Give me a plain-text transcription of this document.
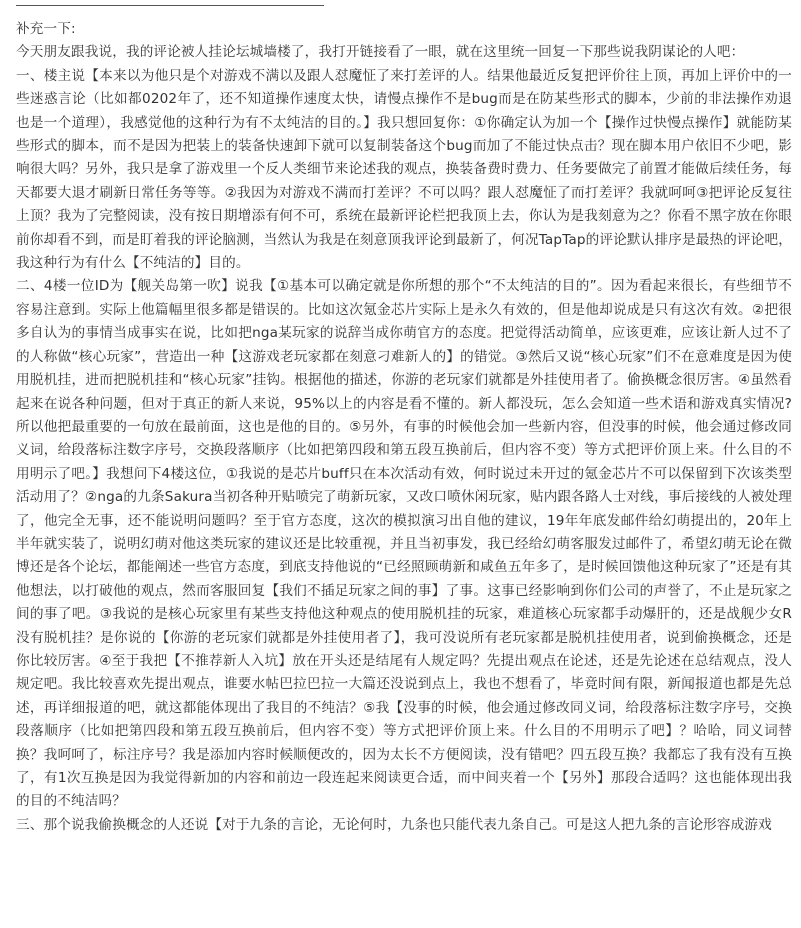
补充一下:

今天朋友跟我说，我的评论被人挂论坛城墙楼了，我打开链接看了一眼，就在这里统一回复一下那些说我阴谋论的人吧：

一、楼主说【本来以为他只是个对游戏不满以及跟人怼魔怔了来打差评的人。结果他最近反复把评价往上顶，再加上评价中的一些迷惑言论（比如都0202年了，还不知道操作速度太快，请慢点操作不是bug而是在防某些形式的脚本，少前的非法操作劝退也是一个道理），我感觉他的这种行为有不太纯洁的目的。】我只想回复你：①你确定认为加一个【操作过快慢点操作】就能防某些形式的脚本，而不是因为把装上的装备快速卸下就可以复制装备这个bug而加了不能过快点击？现在脚本用户依旧不少吧，影响很大吗？另外，我只是拿了游戏里一个反人类细节来论述我的观点，换装备费时费力、任务要做完了前置才能做后续任务，每天都要大退才刷新日常任务等等。②我因为对游戏不满而打差评？不可以吗？跟人怼魔怔了而打差评？我就呵呵③把评论反复往上顶？我为了完整阅读，没有按日期增添有何不可，系统在最新评论栏把我顶上去，你认为是我刻意为之？你看不黑字放在你眼前你却看不到，而是盯着我的评论脑测，当然认为我是在刻意顶我评论到最新了，何况TapTap的评论默认排序是最热的评论吧，我这种行为有什么【不纯洁的】目的。

二、4楼一位ID为【舰关岛第一吹】说我【①基本可以确定就是你所想的那个“不太纯洁的目的”。因为看起来很长，有些细节不容易注意到。实际上他篇幅里很多都是错误的。比如这次氪金芯片实际上是永久有效的，但是他却说成是只有这次有效。②把很多自认为的事情当成事实在说，比如把nga某玩家的说辞当成你萌官方的态度。把觉得活动简单，应该更难，应该让新人过不了的人称做“核心玩家”，营造出一种【这游戏老玩家都在刻意刁难新人的】的错觉。③然后又说“核心玩家”们不在意难度是因为使用脱机挂，进而把脱机挂和“核心玩家”挂钩。根据他的描述，你游的老玩家们就都是外挂使用者了。偷换概念很厉害。④虽然看起来在说各种问题，但对于真正的新人来说，95%以上的内容是看不懂的。新人都没玩，怎么会知道一些术语和游戏真实情况?所以他把最重要的一句放在最前面，这也是他的目的。⑤另外，有事的时候他会加一些新内容，但没事的时候，他会通过修改同义词，给段落标注数字序号，交换段落顺序（比如把第四段和第五段互换前后，但内容不变）等方式把评价顶上来。什么目的不用明示了吧。】我想问下4楼这位，①我说的是芯片buff只在本次活动有效，何时说过未开过的氪金芯片不可以保留到下次该类型活动用了？②nga的九条Sakura当初各种开贴喷完了萌新玩家，又改口喷休闲玩家，贴内跟各路人士对线，事后接线的人被处理了，他完全无事，还不能说明问题吗？至于官方态度，这次的模拟演习出自他的建议，19年年底发邮件给幻萌提出的，20年上半年就实装了，说明幻萌对他这类玩家的建议还是比较重视，并且当初事发，我已经给幻萌客服发过邮件了，希望幻萌无论在微博还是各个论坛，都能阐述一些官方态度，到底支持他说的“已经照顾萌新和咸鱼五年多了，是时候回馈他这种玩家了”还是有其他想法，以打破他的观点，然而客服回复【我们不插足玩家之间的事】了事。这事已经影响到你们公司的声誉了，不止是玩家之间的事了吧。③我说的是核心玩家里有某些支持他这种观点的使用脱机挂的玩家，难道核心玩家都手动爆肝的，还是战舰少女R没有脱机挂？是你说的【你游的老玩家们就都是外挂使用者了】，我可没说所有老玩家都是脱机挂使用者，说到偷换概念，还是你比较厉害。④至于我把【不推荐新人入坑】放在开头还是结尾有人规定吗？先提出观点在论述，还是先论述在总结观点，没人规定吧。我比较喜欢先提出观点，谁要水帖巴拉巴拉一大篇还没说到点上，我也不想看了，毕竟时间有限，新闻报道也都是先总述，再详细报道的吧，就这都能体现出了我目的不纯洁？⑤我【没事的时候，他会通过修改同义词，给段落标注数字序号，交换段落顺序（比如把第四段和第五段互换前后，但内容不变）等方式把评价顶上来。什么目的不用明示了吧】？哈哈，同义词替换？我呵呵了，标注序号？我是添加内容时候顺便改的，因为太长不方便阅读，没有错吧？四五段互换？我都忘了我有没有互换了，有1次互换是因为我觉得新加的内容和前边一段连起来阅读更合适，而中间夹着一个【另外】那段合适吗？这也能体现出我的目的不纯洁吗？

三、那个说我偷换概念的人还说【对于九条的言论，无论何时，九条也只能代表九条自己。可是这人把九条的言论形容成游戏
